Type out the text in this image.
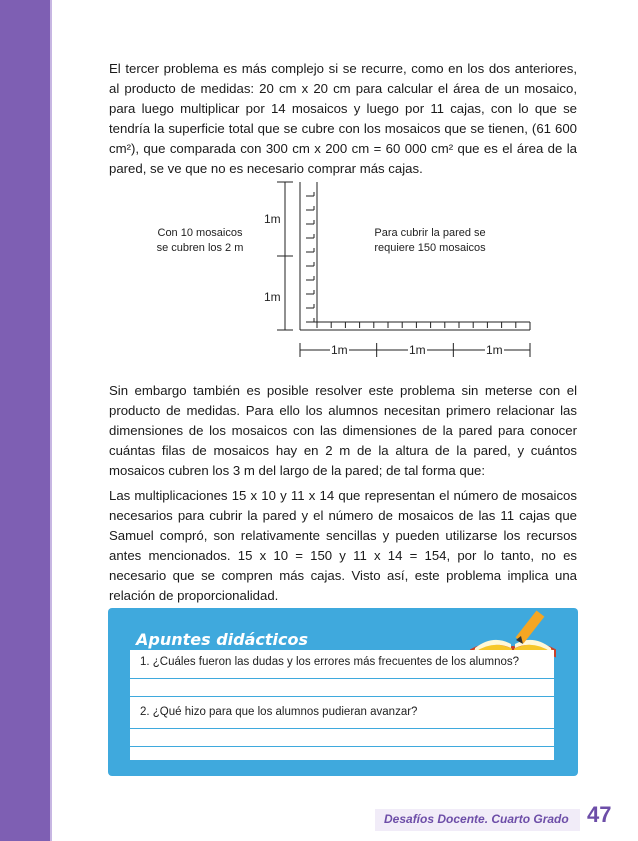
El tercer problema es más complejo si se recurre, como en los dos anteriores, al producto de medidas: 20 cm x 20 cm para calcular el área de un mosaico, para luego multiplicar por 14 mosaicos y luego por 11 cajas, con lo que se tendría la superficie total que se cubre con los mosaicos que se tienen, (61 600 cm²), que comparada con 300 cm x 200 cm = 60 000 cm² que es el área de la pared, se ve que no es necesario comprar más cajas.

Con 10 mosaicos
se cubren los 2 m
Para cubrir la pared se
requiere 150 mosaicos
1m
1m
1m	1m	1m

Sin embargo también es posible resolver este problema sin meterse con el producto de medidas. Para ello los alumnos necesitan primero relacionar las dimensiones de los mosaicos con las dimensiones de la pared para conocer cuántas filas de mosaicos hay en 2 m de la altura de la pared, y cuántos mosaicos cubren los 3 m del largo de la pared; de tal forma que:

Las multiplicaciones 15 x 10 y 11 x 14 que representan el número de mosaicos necesarios para cubrir la pared y el número de mosaicos de las 11 cajas que Samuel compró, son relativamente sencillas y pueden utilizarse los recursos antes mencionados. 15 x 10 = 150 y 11 x 14 = 154, por lo tanto, no es necesario que se compren más cajas. Visto así, este problema implica una relación de proporcionalidad.

Apuntes didácticos
1. ¿Cuáles fueron las dudas y los errores más frecuentes de los alumnos?
2. ¿Qué hizo para que los alumnos pudieran avanzar?
Desafíos Docente. Cuarto Grado 47
